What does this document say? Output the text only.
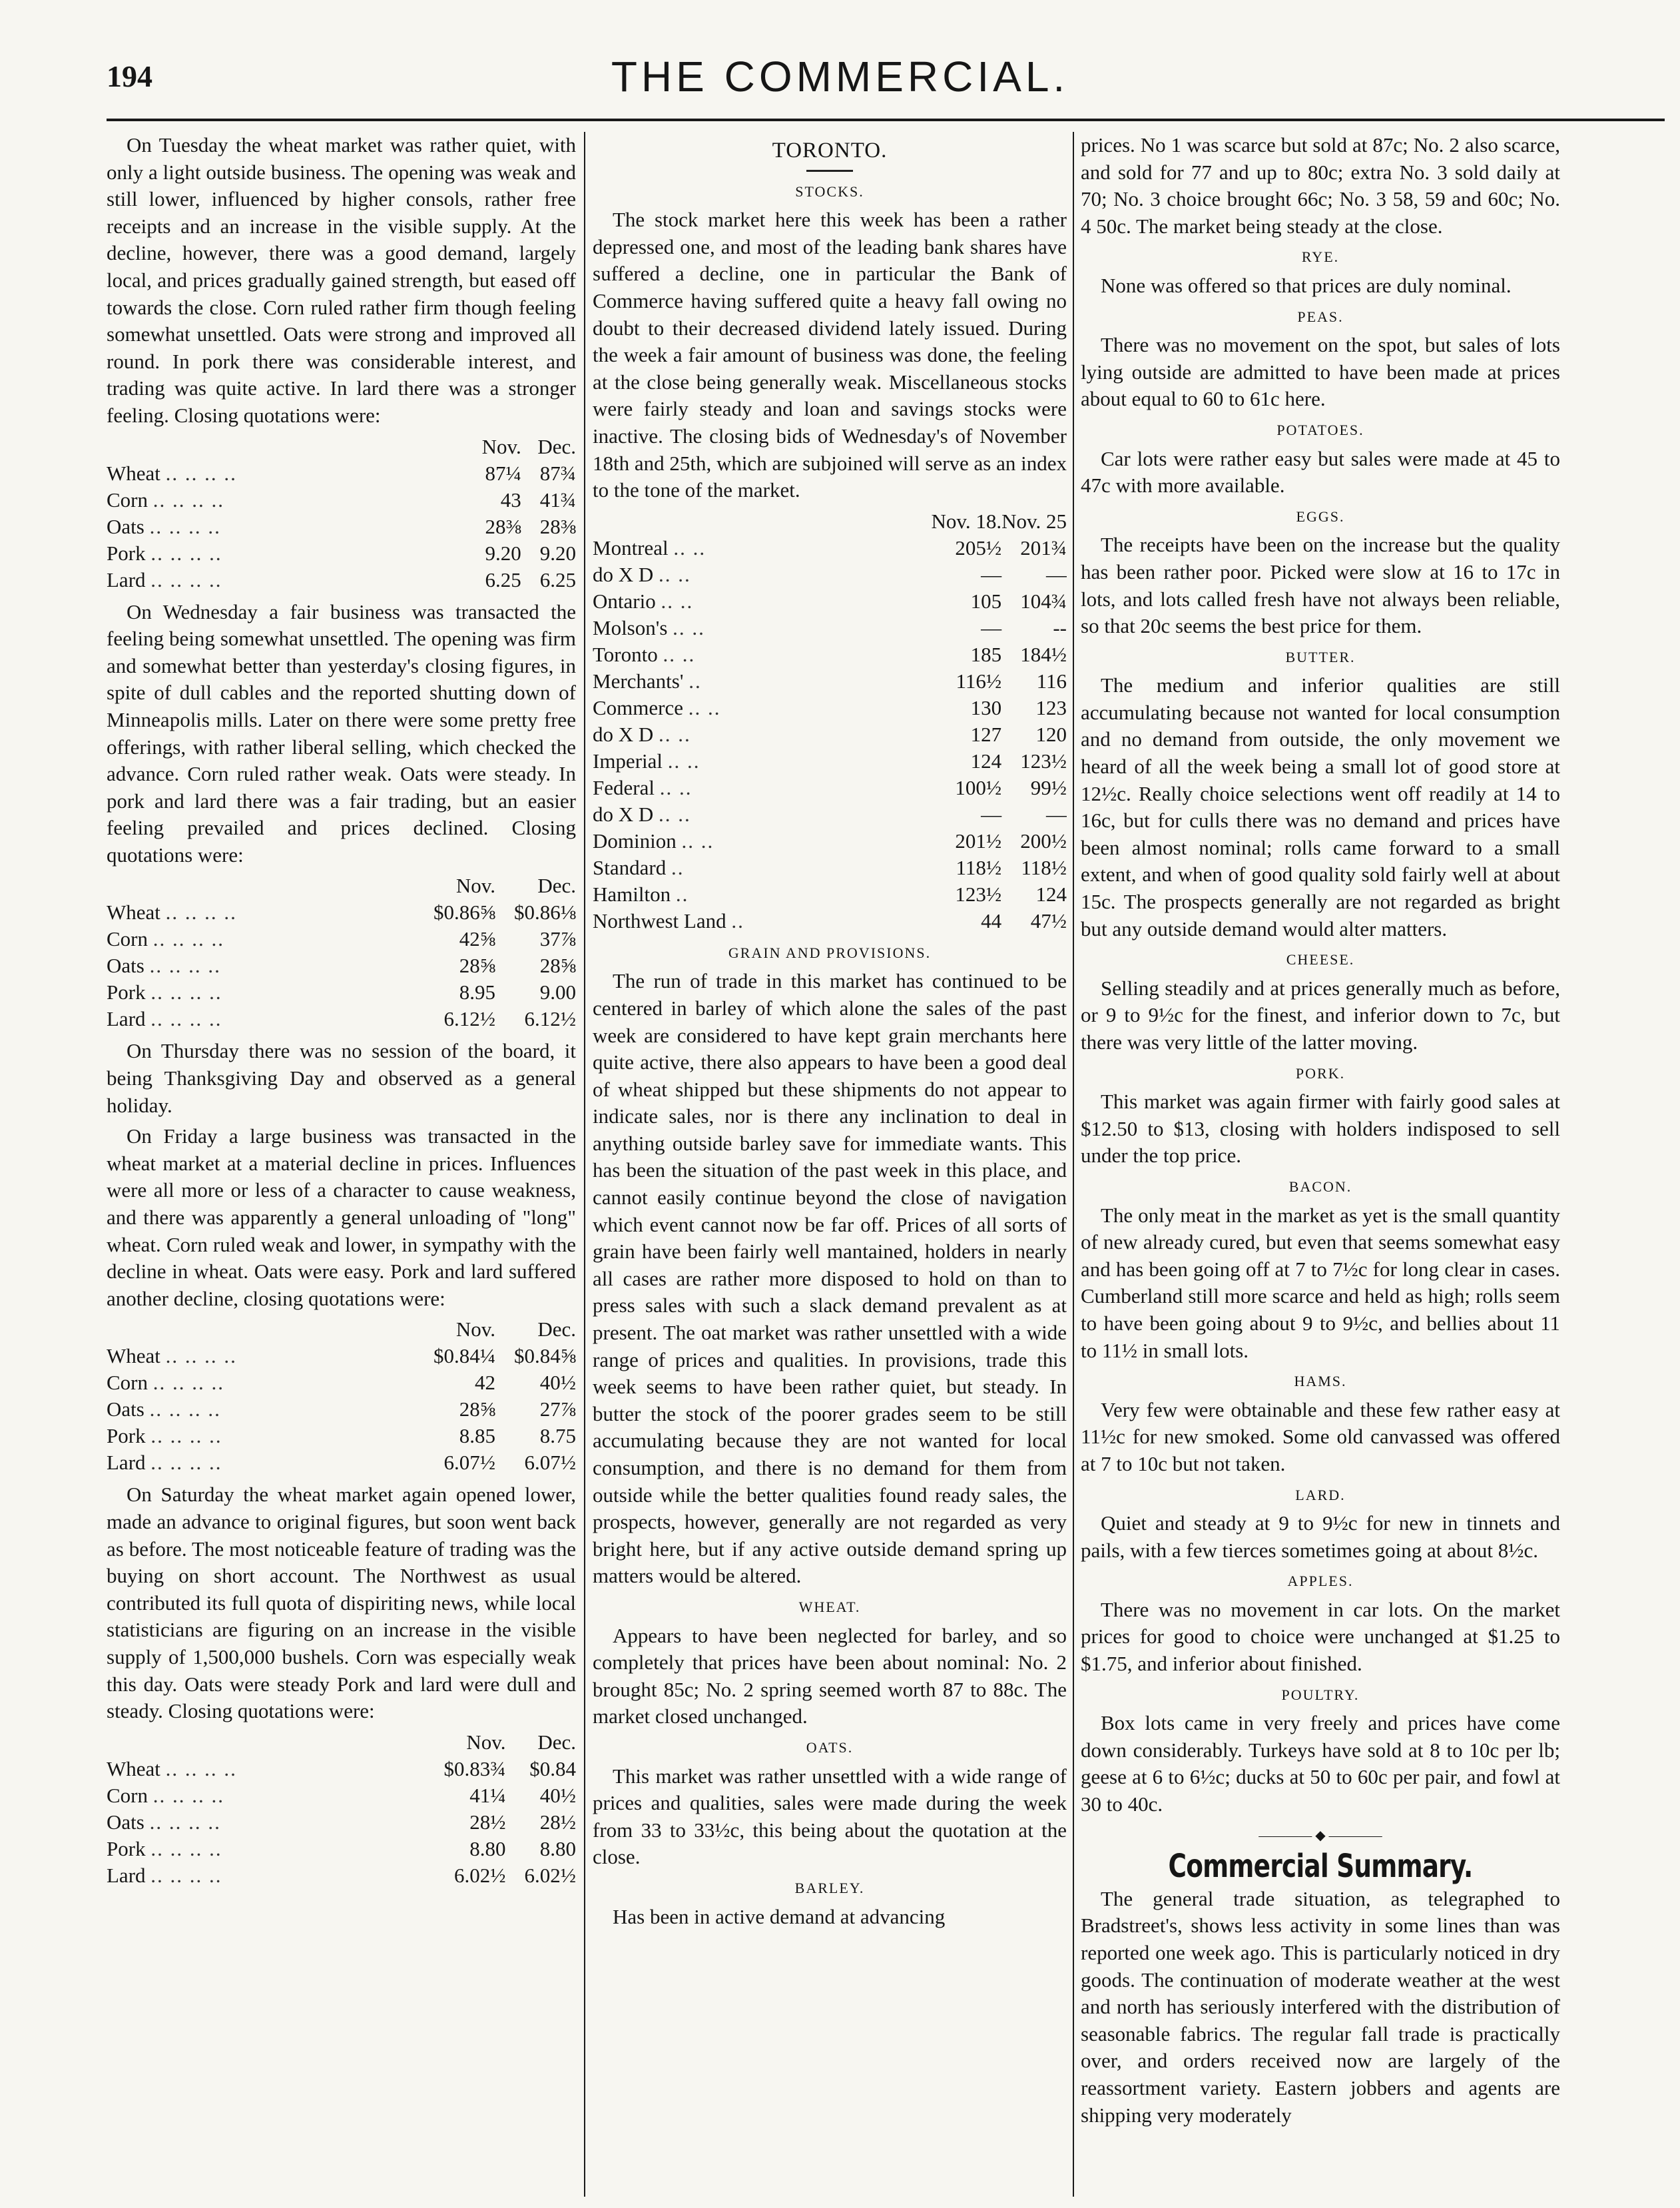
194	THE COMMERCIAL.

On Tuesday the wheat market was rather quiet, with only a light outside business. The opening was weak and still lower, influenced by higher consols, rather free receipts and an increase in the visible supply. At the decline, however, there was a good demand, largely local, and prices gradually gained strength, but eased off towards the close. Corn ruled rather firm though feeling somewhat unsettled. Oats were strong and improved all round. In pork there was considerable interest, and trading was quite active. In lard there was a stronger feeling. Closing quotations were:

	Nov.	Dec.
Wheat .. .. .. ..	87¼	87¾
Corn .. .. .. ..	43	41¾
Oats .. .. .. ..	28⅜	28⅜
Pork .. .. .. ..	9.20	9.20
Lard .. .. .. ..	6.25	6.25

On Wednesday a fair business was transacted the feeling being somewhat unsettled. The opening was firm and somewhat better than yesterday's closing figures, in spite of dull cables and the reported shutting down of Minneapolis mills. Later on there were some pretty free offerings, with rather liberal selling, which checked the advance. Corn ruled rather weak. Oats were steady. In pork and lard there was a fair trading, but an easier feeling prevailed and prices declined. Closing quotations were:

	Nov.	Dec.
Wheat .. .. .. ..	$0.86⅝	$0.86⅛
Corn .. .. .. ..	42⅝	37⅞
Oats .. .. .. ..	28⅝	28⅝
Pork .. .. .. ..	8.95	9.00
Lard .. .. .. ..	6.12½	6.12½

On Thursday there was no session of the board, it being Thanksgiving Day and observed as a general holiday.

On Friday a large business was transacted in the wheat market at a material decline in prices. Influences were all more or less of a character to cause weakness, and there was apparently a general unloading of "long" wheat. Corn ruled weak and lower, in sympathy with the decline in wheat. Oats were easy. Pork and lard suffered another decline, closing quotations were:

	Nov.	Dec.
Wheat .. .. .. ..	$0.84¼	$0.84⅝
Corn .. .. .. ..	42	40½
Oats .. .. .. ..	28⅝	27⅞
Pork .. .. .. ..	8.85	8.75
Lard .. .. .. ..	6.07½	6.07½

On Saturday the wheat market again opened lower, made an advance to original figures, but soon went back as before. The most noticeable feature of trading was the buying on short account. The Northwest as usual contributed its full quota of dispiriting news, while local statisticians are figuring on an increase in the visible supply of 1,500,000 bushels. Corn was especially weak this day. Oats were steady Pork and lard were dull and steady. Closing quotations were:

	Nov.	Dec.
Wheat .. .. .. ..	$0.83¾	$0.84
Corn .. .. .. ..	41¼	40½
Oats .. .. .. ..	28½	28½
Pork .. .. .. ..	8.80	8.80
Lard .. .. .. ..	6.02½	6.02½
TORONTO.
STOCKS.

The stock market here this week has been a rather depressed one, and most of the leading bank shares have suffered a decline, one in particular the Bank of Commerce having suffered quite a heavy fall owing no doubt to their decreased dividend lately issued. During the week a fair amount of business was done, the feeling at the close being generally weak. Miscellaneous stocks were fairly steady and loan and savings stocks were inactive. The closing bids of Wednesday's of November 18th and 25th, which are subjoined will serve as an index to the tone of the market.

	Nov. 18.	Nov. 25
Montreal .. ..	205½	201¾
do X D .. ..	—	—
Ontario .. ..	105	104¾
Molson's .. ..	—	--
Toronto .. ..	185	184½
Merchants' ..	116½	116
Commerce .. ..	130	123
do X D .. ..	127	120
Imperial .. ..	124	123½
Federal .. ..	100½	99½
do X D .. ..	—	—
Dominion .. ..	201½	200½
Standard ..	118½	118½
Hamilton ..	123½	124
Northwest Land ..	44	47½
GRAIN AND PROVISIONS.

The run of trade in this market has continued to be centered in barley of which alone the sales of the past week are considered to have kept grain merchants here quite active, there also appears to have been a good deal of wheat shipped but these shipments do not appear to indicate sales, nor is there any inclination to deal in anything outside barley save for immediate wants. This has been the situation of the past week in this place, and cannot easily continue beyond the close of navigation which event cannot now be far off. Prices of all sorts of grain have been fairly well mantained, holders in nearly all cases are rather more disposed to hold on than to press sales with such a slack demand prevalent as at present. The oat market was rather unsettled with a wide range of prices and qualities. In provisions, trade this week seems to have been rather quiet, but steady. In butter the stock of the poorer grades seem to be still accumulating because they are not wanted for local consumption, and there is no demand for them from outside while the better qualities found ready sales, the prospects, however, generally are not regarded as very bright here, but if any active outside demand spring up matters would be altered.

WHEAT.

Appears to have been neglected for barley, and so completely that prices have been about nominal: No. 2 brought 85c; No. 2 spring seemed worth 87 to 88c. The market closed unchanged.

OATS.

This market was rather unsettled with a wide range of prices and qualities, sales were made during the week from 33 to 33½c, this being about the quotation at the close.

BARLEY.

Has been in active demand at advancing

prices. No 1 was scarce but sold at 87c; No. 2 also scarce, and sold for 77 and up to 80c; extra No. 3 sold daily at 70; No. 3 choice brought 66c; No. 3 58, 59 and 60c; No. 4 50c. The market being steady at the close.

RYE.

None was offered so that prices are duly nominal.

PEAS.

There was no movement on the spot, but sales of lots lying outside are admitted to have been made at prices about equal to 60 to 61c here.

POTATOES.

Car lots were rather easy but sales were made at 45 to 47c with more available.

EGGS.

The receipts have been on the increase but the quality has been rather poor. Picked were slow at 16 to 17c in lots, and lots called fresh have not always been reliable, so that 20c seems the best price for them.

BUTTER.

The medium and inferior qualities are still accumulating because not wanted for local consumption and no demand from outside, the only movement we heard of all the week being a small lot of good store at 12½c. Really choice selections went off readily at 14 to 16c, but for culls there was no demand and prices have been almost nominal; rolls came forward to a small extent, and when of good quality sold fairly well at about 15c. The prospects generally are not regarded as bright but any outside demand would alter matters.

CHEESE.

Selling steadily and at prices generally much as before, or 9 to 9½c for the finest, and inferior down to 7c, but there was very little of the latter moving.

PORK.

This market was again firmer with fairly good sales at $12.50 to $13, closing with holders indisposed to sell under the top price.

BACON.

The only meat in the market as yet is the small quantity of new already cured, but even that seems somewhat easy and has been going off at 7 to 7½c for long clear in cases. Cumberland still more scarce and held as high; rolls seem to have been going about 9 to 9½c, and bellies about 11 to 11½ in small lots.

HAMS.

Very few were obtainable and these few rather easy at 11½c for new smoked. Some old canvassed was offered at 7 to 10c but not taken.

LARD.

Quiet and steady at 9 to 9½c for new in tinnets and pails, with a few tierces sometimes going at about 8½c.

APPLES.

There was no movement in car lots. On the market prices for good to choice were unchanged at $1.25 to $1.75, and inferior about finished.

POULTRY.

Box lots came in very freely and prices have come down considerably. Turkeys have sold at 8 to 10c per lb; geese at 6 to 6½c; ducks at 50 to 60c per pair, and fowl at 30 to 40c.

———— ◆ ————
Commercial Summary.

The general trade situation, as telegraphed to Bradstreet's, shows less activity in some lines than was reported one week ago. This is particularly noticed in dry goods. The continuation of moderate weather at the west and north has seriously interfered with the distribution of seasonable fabrics. The regular fall trade is practically over, and orders received now are largely of the reassortment variety. Eastern jobbers and agents are shipping very moderately
